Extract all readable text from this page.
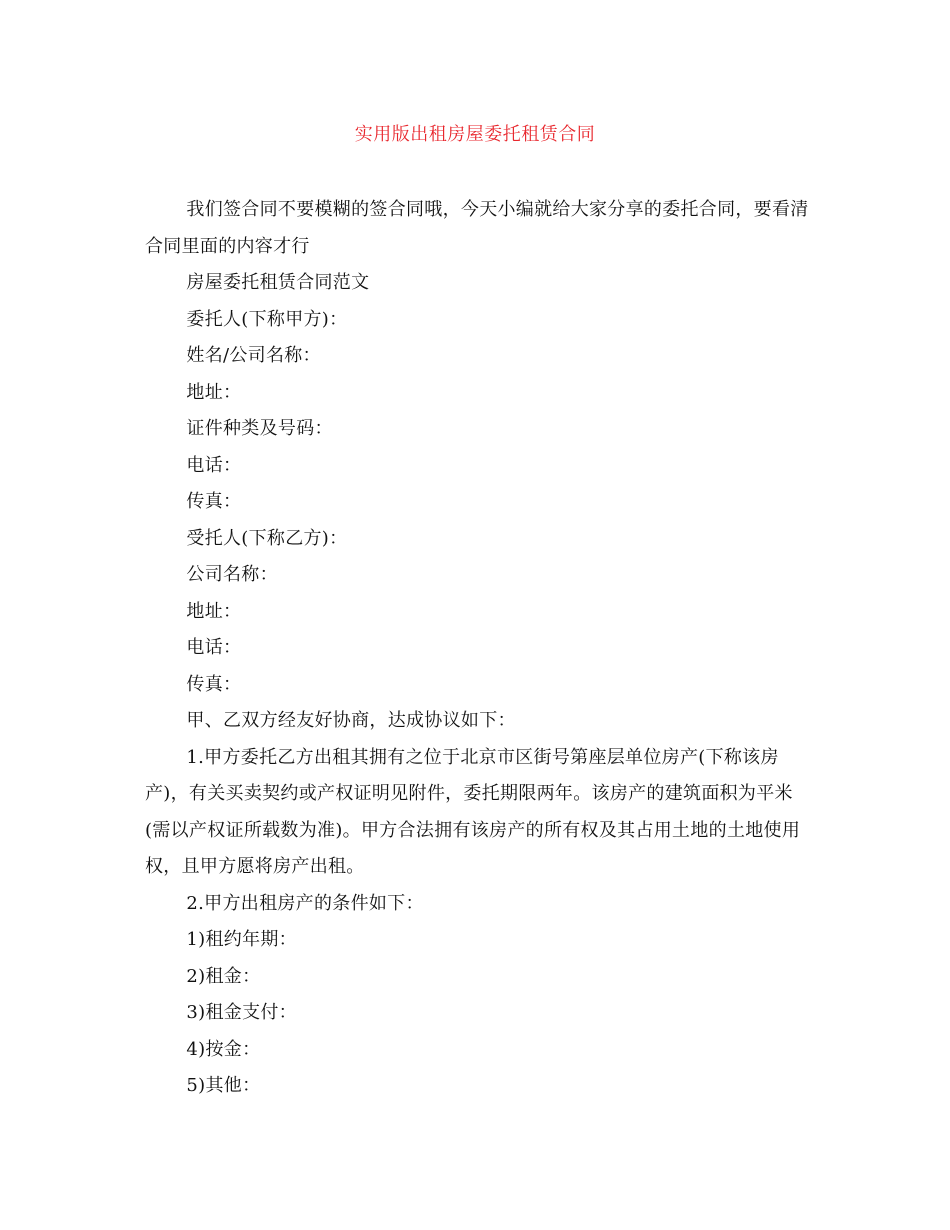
实用版出租房屋委托租赁合同

我们签合同不要模糊的签合同哦，今天小编就给大家分享的委托合同，要看清合同里面的内容才行

房屋委托租赁合同范文

委托人(下称甲方)：

姓名/公司名称：

地址：

证件种类及号码：

电话：

传真：

受托人(下称乙方)：

公司名称：

地址：

电话：

传真：

甲、乙双方经友好协商，达成协议如下：

1.甲方委托乙方出租其拥有之位于北京市区街号第座层单位房产(下称该房产)，有关买卖契约或产权证明见附件，委托期限两年。该房产的建筑面积为平米(需以产权证所载数为准)。甲方合法拥有该房产的所有权及其占用土地的土地使用权，且甲方愿将房产出租。

2.甲方出租房产的条件如下：

1)租约年期：

2)租金：

3)租金支付：

4)按金：

5)其他：
